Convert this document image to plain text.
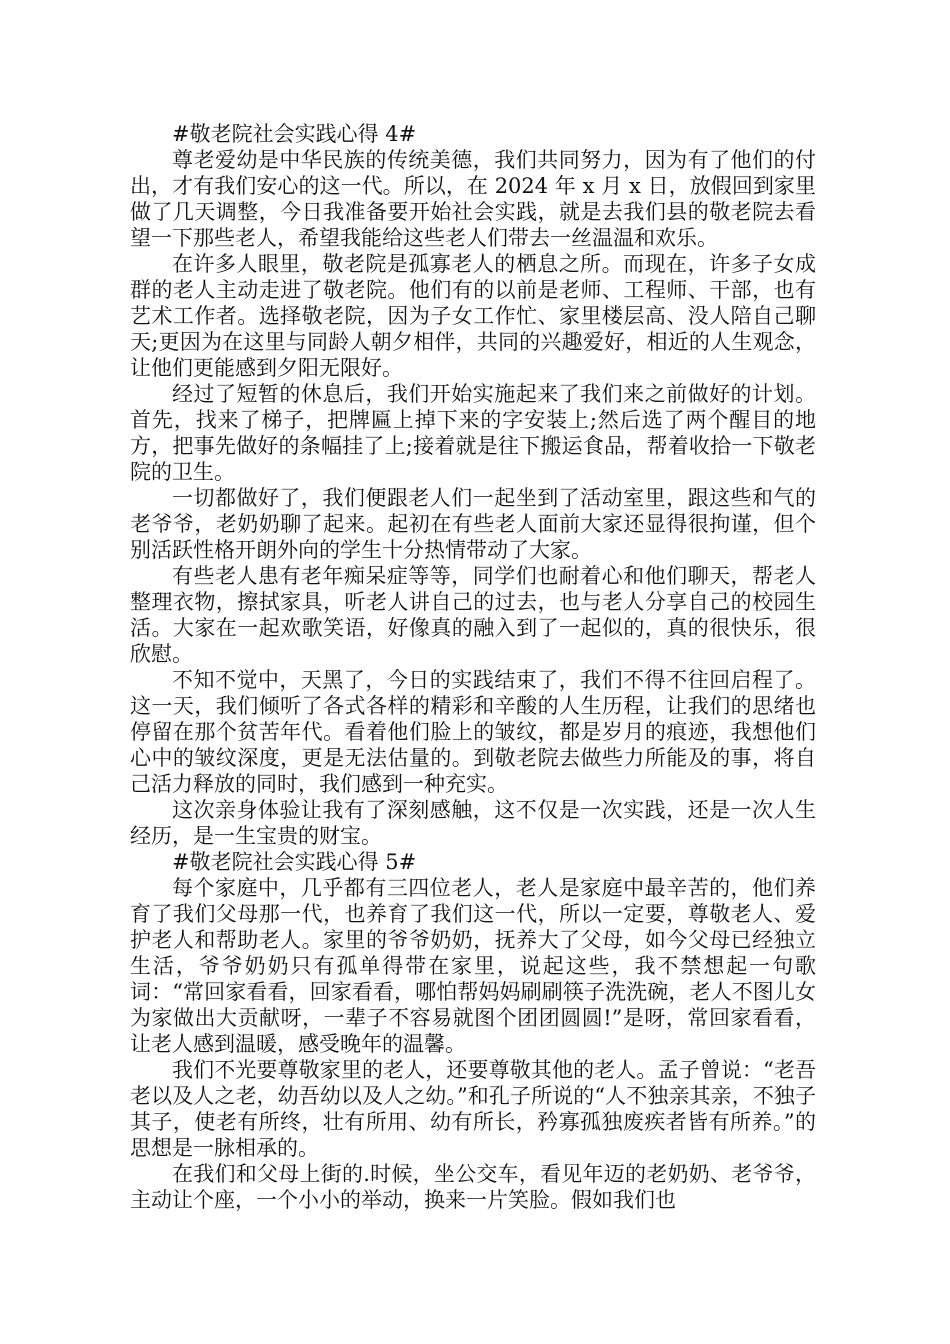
#敬老院社会实践心得 4#

尊老爱幼是中华民族的传统美德，我们共同努力，因为有了他们的付出，才有我们安心的这一代。所以，在 2024 年 x 月 x 日，放假回到家里做了几天调整，今日我准备要开始社会实践，就是去我们县的敬老院去看望一下那些老人，希望我能给这些老人们带去一丝温温和欢乐。

在许多人眼里，敬老院是孤寡老人的栖息之所。而现在，许多子女成群的老人主动走进了敬老院。他们有的以前是老师、工程师、干部，也有艺术工作者。选择敬老院，因为子女工作忙、家里楼层高、没人陪自己聊天;更因为在这里与同龄人朝夕相伴，共同的兴趣爱好，相近的人生观念，让他们更能感到夕阳无限好。

经过了短暂的休息后，我们开始实施起来了我们来之前做好的计划。首先，找来了梯子，把牌匾上掉下来的字安装上;然后选了两个醒目的地方，把事先做好的条幅挂了上;接着就是往下搬运食品，帮着收拾一下敬老院的卫生。

一切都做好了，我们便跟老人们一起坐到了活动室里，跟这些和气的老爷爷，老奶奶聊了起来。起初在有些老人面前大家还显得很拘谨，但个别活跃性格开朗外向的学生十分热情带动了大家。

有些老人患有老年痴呆症等等，同学们也耐着心和他们聊天，帮老人整理衣物，擦拭家具，听老人讲自己的过去，也与老人分享自己的校园生活。大家在一起欢歌笑语，好像真的融入到了一起似的，真的很快乐，很欣慰。

不知不觉中，天黑了，今日的实践结束了，我们不得不往回启程了。这一天，我们倾听了各式各样的精彩和辛酸的人生历程，让我们的思绪也停留在那个贫苦年代。看着他们脸上的皱纹，都是岁月的痕迹，我想他们心中的皱纹深度，更是无法估量的。到敬老院去做些力所能及的事，将自己活力释放的同时，我们感到一种充实。

这次亲身体验让我有了深刻感触，这不仅是一次实践，还是一次人生经历，是一生宝贵的财宝。

#敬老院社会实践心得 5#

每个家庭中，几乎都有三四位老人，老人是家庭中最辛苦的，他们养育了我们父母那一代，也养育了我们这一代，所以一定要，尊敬老人、爱护老人和帮助老人。家里的爷爷奶奶，抚养大了父母，如今父母已经独立生活，爷爷奶奶只有孤单得带在家里，说起这些，我不禁想起一句歌词：“常回家看看，回家看看，哪怕帮妈妈刷刷筷子洗洗碗，老人不图儿女为家做出大贡献呀，一辈子不容易就图个团团圆圆!”是呀，常回家看看，让老人感到温暖，感受晚年的温馨。

我们不光要尊敬家里的老人，还要尊敬其他的老人。孟子曾说：“老吾老以及人之老，幼吾幼以及人之幼。”和孔子所说的“人不独亲其亲，不独子其子，使老有所终，壮有所用、幼有所长，矜寡孤独废疾者皆有所养。”的思想是一脉相承的。

在我们和父母上街的.时候，坐公交车，看见年迈的老奶奶、老爷爷，主动让个座，一个小小的举动，换来一片笑脸。假如我们也
